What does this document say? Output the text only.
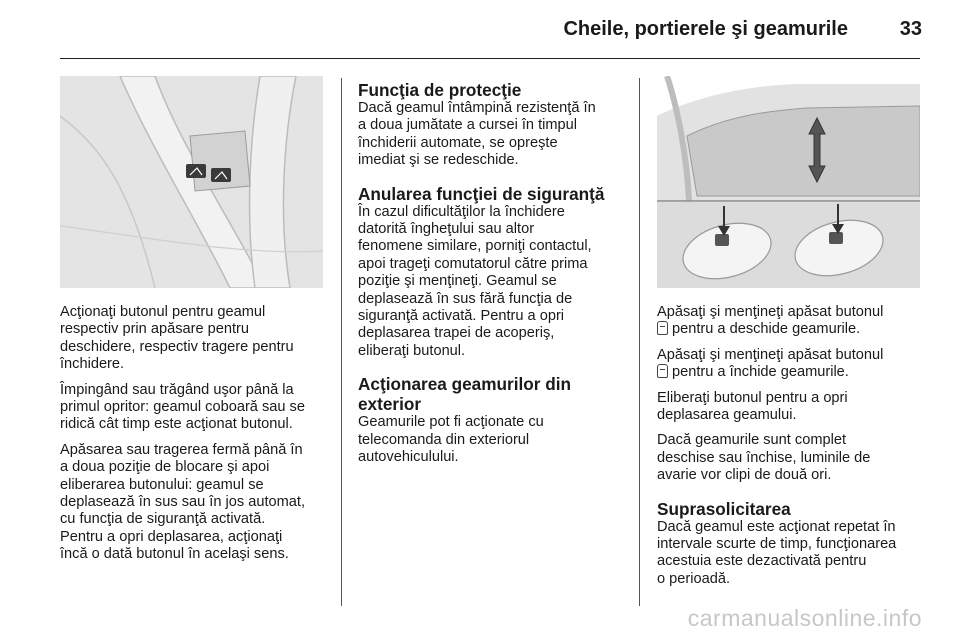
Cheile, portierele şi geamurile	33

Acţionaţi butonul pentru geamul
respectiv prin apăsare pentru
deschidere, respectiv tragere pentru
închidere.

Împingând sau trăgând uşor până la
primul opritor: geamul coboară sau se
ridică cât timp este acţionat butonul.

Apăsarea sau tragerea fermă până în
a doua poziţie de blocare şi apoi
eliberarea butonului: geamul se
deplasează în sus sau în jos automat,
cu funcţia de siguranţă activată.
Pentru a opri deplasarea, acţionaţi
încă o dată butonul în acelaşi sens.

Funcţia de protecţie

Dacă geamul întâmpină rezistenţă în
a doua jumătate a cursei în timpul
închiderii automate, se opreşte
imediat şi se redeschide.

Anularea funcţiei de siguranţă

În cazul dificultăţilor la închidere
datorită îngheţului sau altor
fenomene similare, porniţi contactul,
apoi trageţi comutatorul către prima
poziţie şi menţineţi. Geamul se
deplasează în sus fără funcţia de
siguranţă activată. Pentru a opri
deplasarea trapei de acoperiş,
eliberaţi butonul.

Acţionarea geamurilor din
exterior

Geamurile pot fi acţionate cu
telecomanda din exteriorul
autovehiculului.

Apăsaţi şi menţineţi apăsat butonul
pentru a deschide geamurile.

Apăsaţi şi menţineţi apăsat butonul
pentru a închide geamurile.

Eliberaţi butonul pentru a opri
deplasarea geamului.

Dacă geamurile sunt complet
deschise sau închise, luminile de
avarie vor clipi de două ori.

Suprasolicitarea

Dacă geamul este acţionat repetat în
intervale scurte de timp, funcţionarea
acestuia este dezactivată pentru
o perioadă.

carmanualsonline.info
